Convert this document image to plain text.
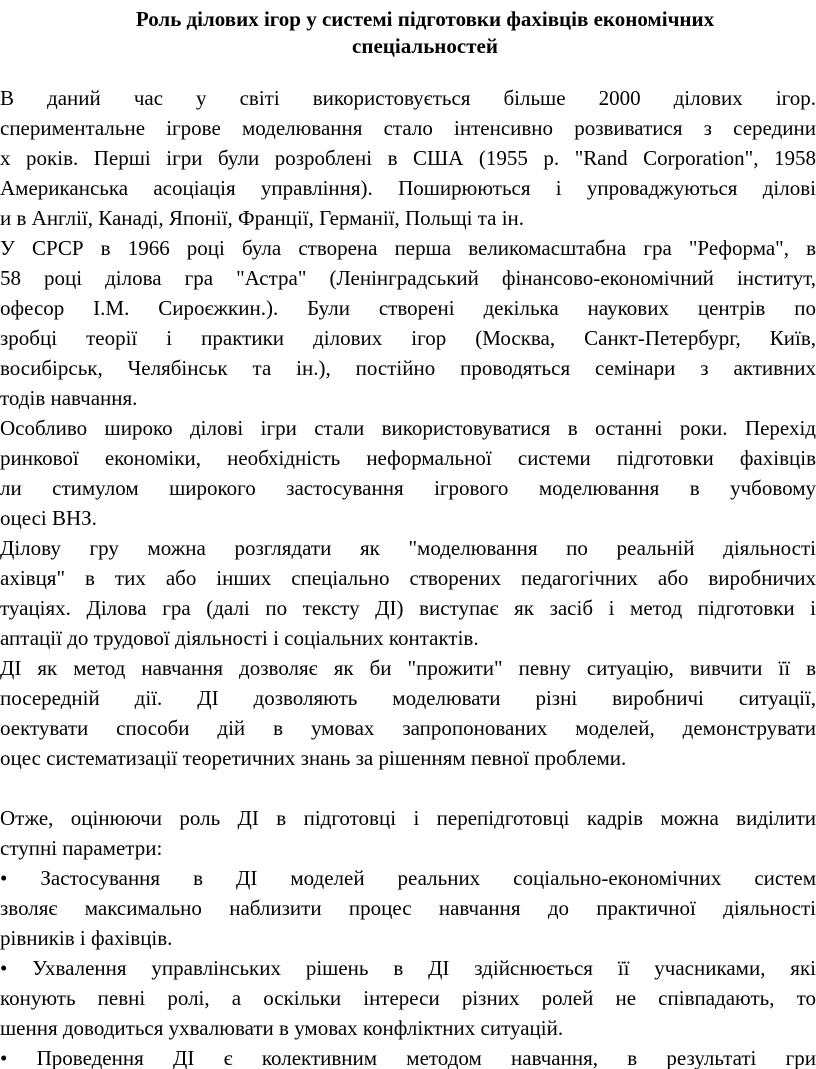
Роль ділових ігор у системі підготовки фахівців економічних
спеціальностей
В даний час у світі використовується більше 2000 ділових ігор.
спериментальне ігрове моделювання стало інтенсивно розвиватися з середини
х років. Перші ігри були розроблені в США (1955 р. "Rand Corporation", 1958
Американська асоціація управління). Поширюються і упроваджуються ділові
и в Англії, Канаді, Японії, Франції, Германії, Польщі та ін.
У СРСР в 1966 році була створена перша великомасштабна гра "Реформа", в
58 році ділова гра "Астра" (Ленінградський фінансово-економічний інститут,
офесор І.М. Сироєжкин.). Були створені декілька наукових центрів по
зробці теорії і практики ділових ігор (Москва, Санкт-Петербург, Київ,
восибірськ, Челябінськ та ін.), постійно проводяться семінари з активних
тодів навчання.
Особливо широко ділові ігри стали використовуватися в останні роки. Перехід
ринкової економіки, необхідність неформальної системи підготовки фахівців
ли стимулом широкого застосування ігрового моделювання в учбовому
оцесі ВНЗ.
Ділову гру можна розглядати як "моделювання по реальній діяльності
ахівця" в тих або інших спеціально створених педагогічних або виробничих
туаціях. Ділова гра (далі по тексту ДІ) виступає як засіб і метод підготовки і
аптації до трудової діяльності і соціальних контактів.
ДІ як метод навчання дозволяє як би "прожити" певну ситуацію, вивчити її в
посередній дії. ДІ дозволяють моделювати різні виробничі ситуації,
оектувати способи дій в умовах запропонованих моделей, демонструвати
оцес систематизації теоретичних знань за рішенням певної проблеми.
Отже, оцінюючи роль ДІ в підготовці і перепідготовці кадрів можна виділити
ступні параметри:
• Застосування в ДІ моделей реальних соціально-економічних систем
зволяє максимально наблизити процес навчання до практичної діяльності
рівників і фахівців.
• Ухвалення управлінських рішень в ДІ здійснюється її учасниками, які
конують певні ролі, а оскільки інтереси різних ролей не співпадають, то
шення доводиться ухвалювати в умовах конфліктних ситуацій.
• Проведення ДІ є колективним методом навчання, в результаті гри
